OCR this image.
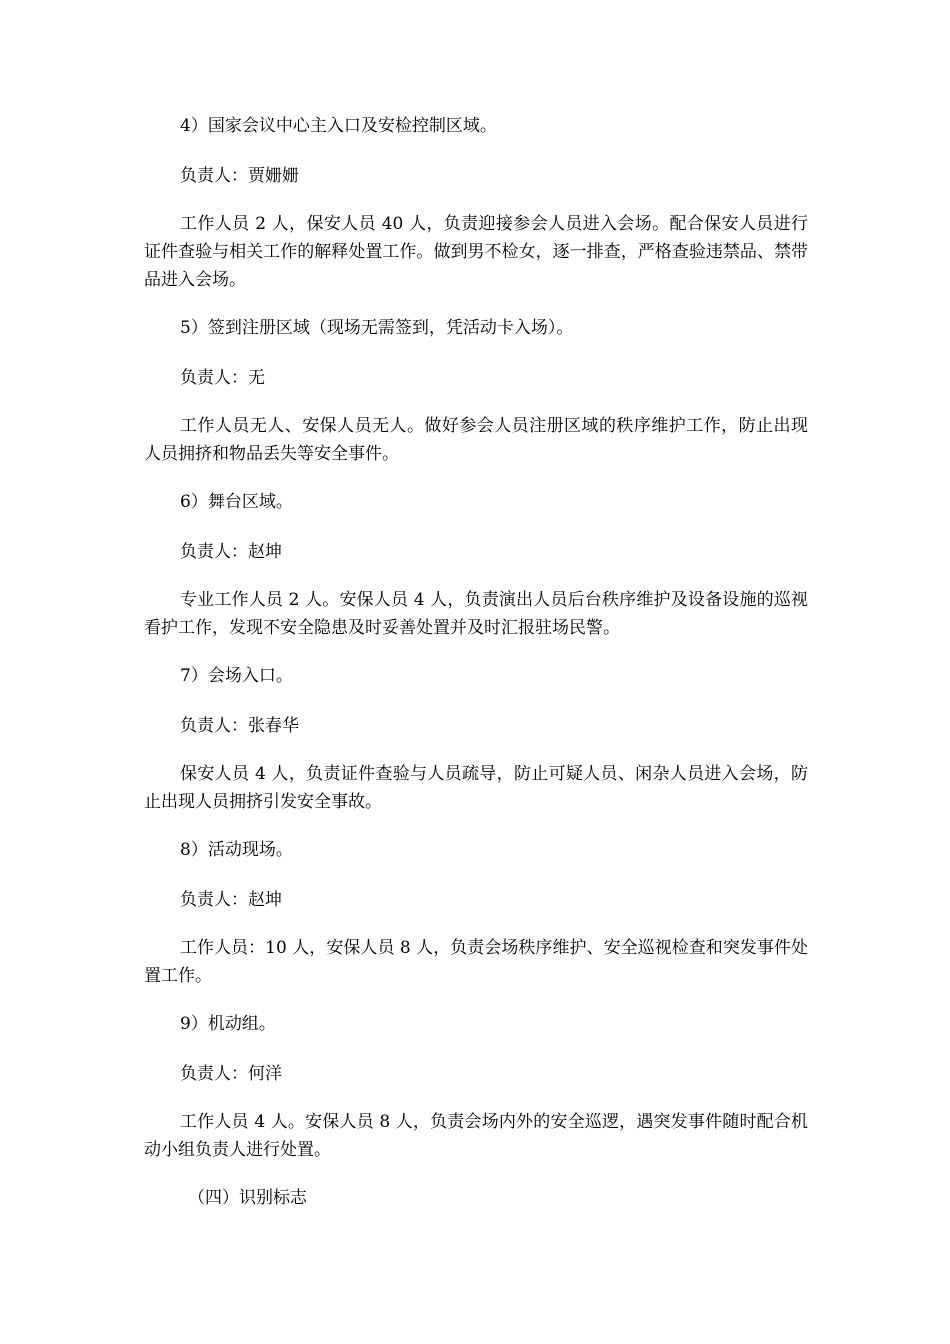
4）国家会议中心主入口及安检控制区域。

负责人：贾姗姗

工作人员 2 人，保安人员 40 人，负责迎接参会人员进入会场。配合保安人员进行证件查验与相关工作的解释处置工作。做到男不检女，逐一排查，严格查验违禁品、禁带品进入会场。

5）签到注册区域（现场无需签到，凭活动卡入场）。

负责人：无

工作人员无人、安保人员无人。做好参会人员注册区域的秩序维护工作，防止出现人员拥挤和物品丢失等安全事件。

6）舞台区域。

负责人：赵坤

专业工作人员 2 人。安保人员 4 人，负责演出人员后台秩序维护及设备设施的巡视看护工作，发现不安全隐患及时妥善处置并及时汇报驻场民警。

7）会场入口。

负责人：张春华

保安人员 4 人，负责证件查验与人员疏导，防止可疑人员、闲杂人员进入会场，防止出现人员拥挤引发安全事故。

8）活动现场。

负责人：赵坤

工作人员：10 人，安保人员 8 人，负责会场秩序维护、安全巡视检查和突发事件处置工作。

9）机动组。

负责人：何洋

工作人员 4 人。安保人员 8 人，负责会场内外的安全巡逻，遇突发事件随时配合机动小组负责人进行处置。

（四）识别标志
